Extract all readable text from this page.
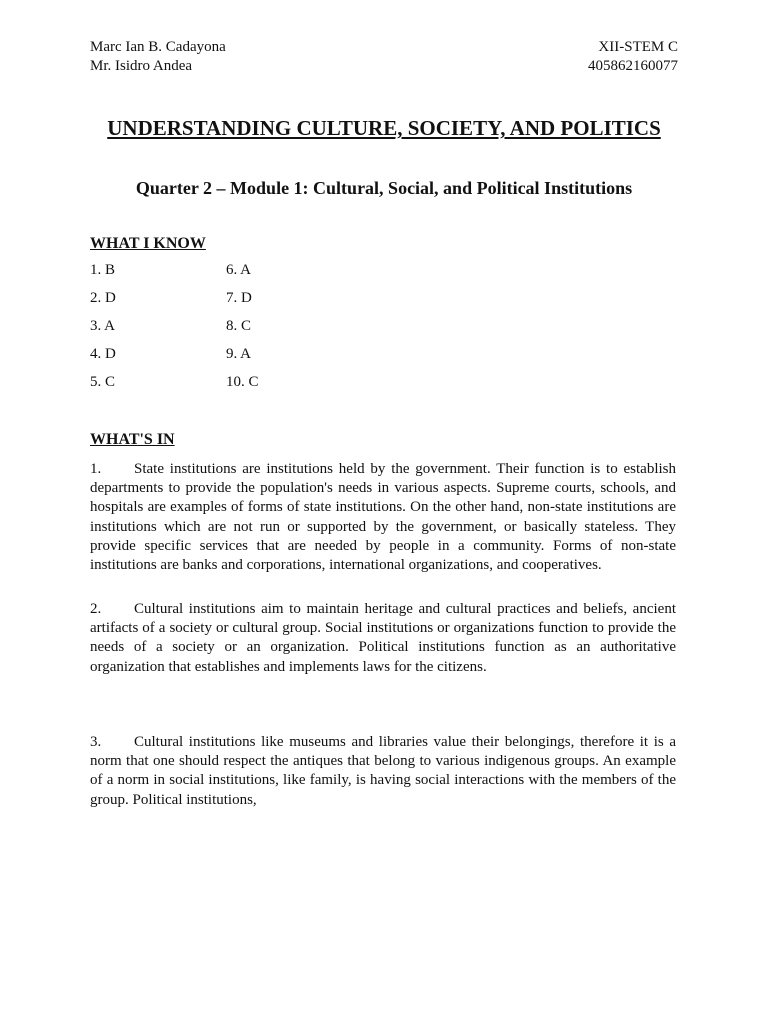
Marc Ian B. Cadayona	XII-STEM C
Mr. Isidro Andea	405862160077
UNDERSTANDING CULTURE, SOCIETY, AND POLITICS
Quarter 2 – Module 1: Cultural, Social, and Political Institutions
WHAT I KNOW
1. B	6. A
2. D	7. D
3. A	8. C
4. D	9. A
5. C	10. C
WHAT'S IN
1. State institutions are institutions held by the government. Their function is to establish departments to provide the population's needs in various aspects. Supreme courts, schools, and hospitals are examples of forms of state institutions. On the other hand, non-state institutions are institutions which are not run or supported by the government, or basically stateless. They provide specific services that are needed by people in a community. Forms of non-state institutions are banks and corporations, international organizations, and cooperatives.
2. Cultural institutions aim to maintain heritage and cultural practices and beliefs, ancient artifacts of a society or cultural group. Social institutions or organizations function to provide the needs of a society or an organization. Political institutions function as an authoritative organization that establishes and implements laws for the citizens.
3. Cultural institutions like museums and libraries value their belongings, therefore it is a norm that one should respect the antiques that belong to various indigenous groups. An example of a norm in social institutions, like family, is having social interactions with the members of the group. Political institutions,
